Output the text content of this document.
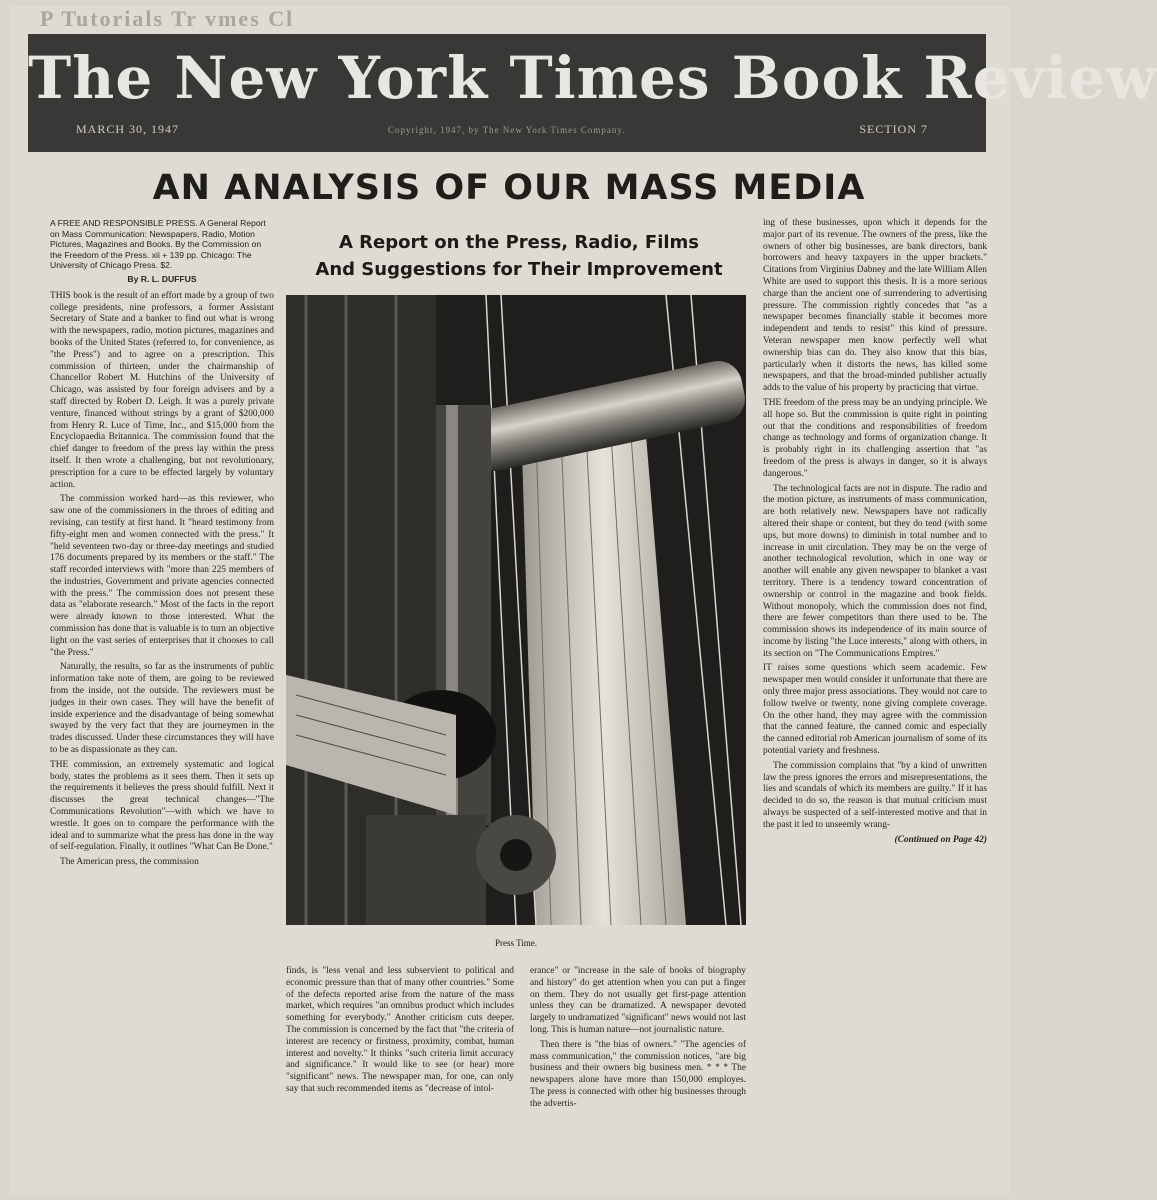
P Tutorials Tr vmes Cl
The New York Times Book Review
MARCH 30, 1947	Copyright, 1947, by The New York Times Company.	SECTION 7
AN ANALYSIS OF OUR MASS MEDIA
A Report on the Press, Radio, Films
And Suggestions for Their Improvement
A FREE AND RESPONSIBLE PRESS. A General Report on Mass Communication: Newspapers, Radio, Motion Pictures, Magazines and Books. By the Commission on the Freedom of the Press. xii + 139 pp. Chicago: The University of Chicago Press. $2.
By R. L. DUFFUS

THIS book is the result of an effort made by a group of two college presidents, nine professors, a former Assistant Secretary of State and a banker to find out what is wrong with the newspapers, radio, motion pictures, magazines and books of the United States (referred to, for convenience, as "the Press") and to agree on a prescription. This commission of thirteen, under the chairmanship of Chancellor Robert M. Hutchins of the University of Chicago, was assisted by four foreign advisers and by a staff directed by Robert D. Leigh. It was a purely private venture, financed without strings by a grant of $200,000 from Henry R. Luce of Time, Inc., and $15,000 from the Encyclopaedia Britannica. The commission found that the chief danger to freedom of the press lay within the press itself. It then wrote a challenging, but not revolutionary, prescription for a cure to be effected largely by voluntary action.

The commission worked hard—as this reviewer, who saw one of the commissioners in the throes of editing and revising, can testify at first hand. It "heard testimony from fifty-eight men and women connected with the press." It "held seventeen two-day or three-day meetings and studied 176 documents prepared by its members or the staff." The staff recorded interviews with "more than 225 members of the industries, Government and private agencies connected with the press." The commission does not present these data as "elaborate research." Most of the facts in the report were already known to those interested. What the commission has done that is valuable is to turn an objective light on the vast series of enterprises that it chooses to call "the Press."

Naturally, the results, so far as the instruments of public information take note of them, are going to be reviewed from the inside, not the outside. The reviewers must be judges in their own cases. They will have the benefit of inside experience and the disadvantage of being somewhat swayed by the very fact that they are journeymen in the trades discussed. Under these circumstances they will have to be as dispassionate as they can.

THE commission, an extremely systematic and logical body, states the problems as it sees them. Then it sets up the requirements it believes the press should fulfill. Next it discusses the great technical changes—"The Communications Revolution"—with which we have to wrestle. It goes on to compare the performance with the ideal and to summarize what the press has done in the way of self-regulation. Finally, it outlines "What Can Be Done."

The American press, the commission

Press Time.

finds, is "less venal and less subservient to political and economic pressure than that of many other countries." Some of the defects reported arise from the nature of the mass market, which requires "an omnibus product which includes something for everybody." Another criticism cuts deeper. The commission is concerned by the fact that "the criteria of interest are recency or firstness, proximity, combat, human interest and novelty." It thinks "such criteria limit accuracy and significance." It would like to see (or hear) more "significant" news. The newspaper man, for one, can only say that such recommended items as "decrease of intol-

erance" or "increase in the sale of books of biography and history" do get attention when you can put a finger on them. They do not usually get first-page attention unless they can be dramatized. A newspaper devoted largely to undramatized "significant" news would not last long. This is human nature—not journalistic nature.

Then there is "the bias of owners." "The agencies of mass communication," the commission notices, "are big business and their owners big business men. * * * The newspapers alone have more than 150,000 employes. The press is connected with other big businesses through the advertis-

ing of these businesses, upon which it depends for the major part of its revenue. The owners of the press, like the owners of other big businesses, are bank directors, bank borrowers and heavy taxpayers in the upper brackets." Citations from Virginius Dabney and the late William Allen White are used to support this thesis. It is a more serious charge than the ancient one of surrendering to advertising pressure. The commission rightly concedes that "as a newspaper becomes financially stable it becomes more independent and tends to resist" this kind of pressure. Veteran newspaper men know perfectly well what ownership bias can do. They also know that this bias, particularly when it distorts the news, has killed some newspapers, and that the broad-minded publisher actually adds to the value of his property by practicing that virtue.

THE freedom of the press may be an undying principle. We all hope so. But the commission is quite right in pointing out that the conditions and responsibilities of freedom change as technology and forms of organization change. It is probably right in its challenging assertion that "as freedom of the press is always in danger, so it is always dangerous."

The technological facts are not in dispute. The radio and the motion picture, as instruments of mass communication, are both relatively new. Newspapers have not radically altered their shape or content, but they do tend (with some ups, but more downs) to diminish in total number and to increase in unit circulation. They may be on the verge of another technological revolution, which in one way or another will enable any given newspaper to blanket a vast territory. There is a tendency toward concentration of ownership or control in the magazine and book fields. Without monopoly, which the commission does not find, there are fewer competitors than there used to be. The commission shows its independence of its main source of income by listing "the Luce interests," along with others, in its section on "The Communications Empires."

IT raises some questions which seem academic. Few newspaper men would consider it unfortunate that there are only three major press associations. They would not care to follow twelve or twenty, none giving complete coverage. On the other hand, they may agree with the commission that the canned feature, the canned comic and especially the canned editorial rob American journalism of some of its potential variety and freshness.

The commission complains that "by a kind of unwritten law the press ignores the errors and misrepresentations, the lies and scandals of which its members are guilty." If it has decided to do so, the reason is that mutual criticism must always be suspected of a self-interested motive and that in the past it led to unseemly wrang-

(Continued on Page 42)
